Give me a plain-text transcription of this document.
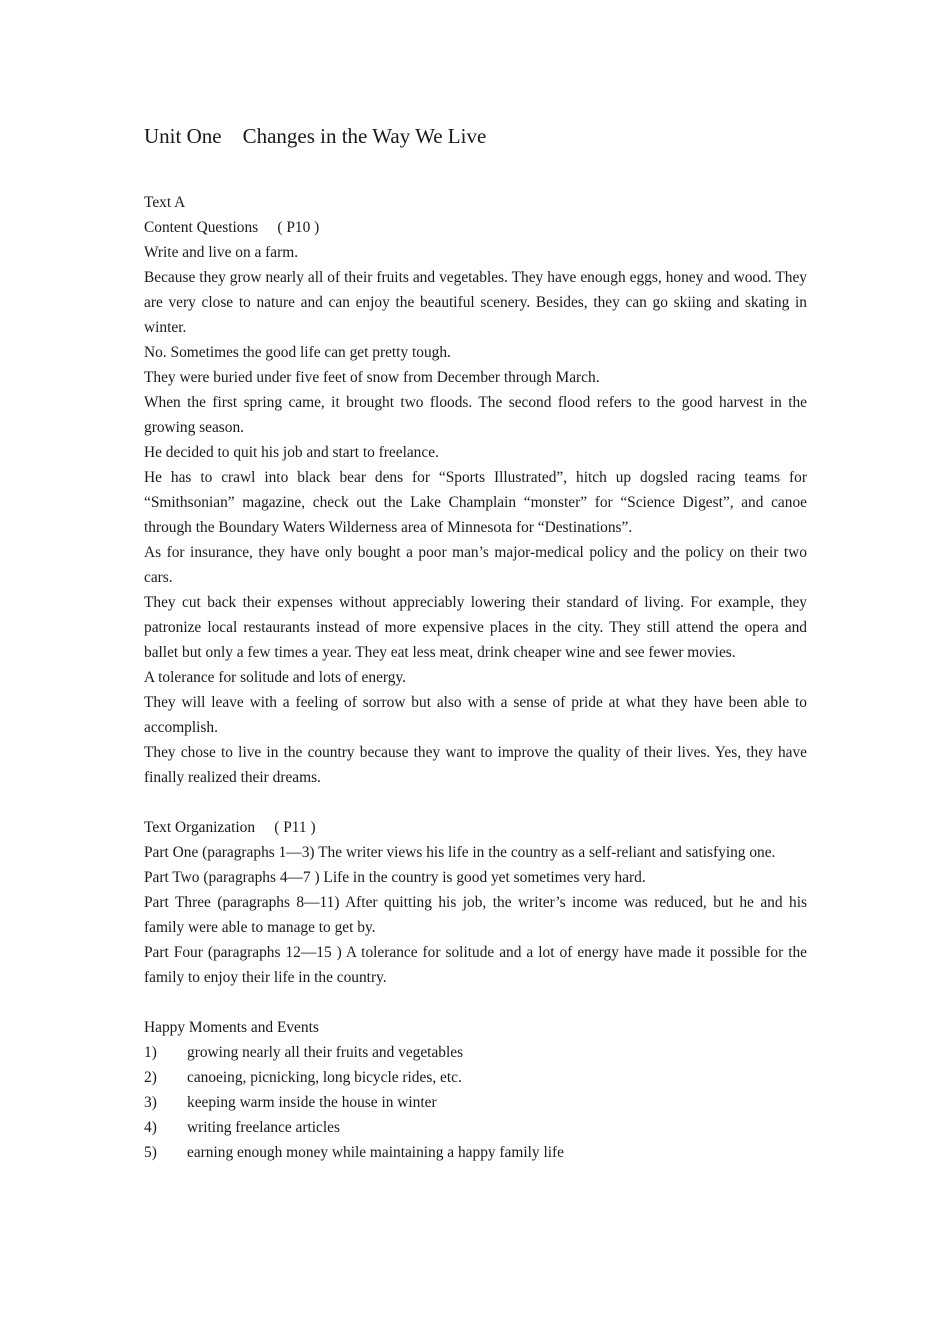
Unit One    Changes in the Way We Live
Text A
Content Questions     ( P10 )
Write and live on a farm.
Because they grow nearly all of their fruits and vegetables. They have enough eggs, honey and wood. They are very close to nature and can enjoy the beautiful scenery. Besides, they can go skiing and skating in winter.
No. Sometimes the good life can get pretty tough.
They were buried under five feet of snow from December through March.
When the first spring came, it brought two floods. The second flood refers to the good harvest in the growing season.
He decided to quit his job and start to freelance.
He has to crawl into black bear dens for “Sports Illustrated”, hitch up dogsled racing teams for “Smithsonian” magazine, check out the Lake Champlain “monster” for “Science Digest”, and canoe through the Boundary Waters Wilderness area of Minnesota for “Destinations”.
As for insurance, they have only bought a poor man’s major-medical policy and the policy on their two cars.
They cut back their expenses without appreciably lowering their standard of living. For example, they patronize local restaurants instead of more expensive places in the city. They still attend the opera and ballet but only a few times a year. They eat less meat, drink cheaper wine and see fewer movies.
A tolerance for solitude and lots of energy.
They will leave with a feeling of sorrow but also with a sense of pride at what they have been able to accomplish.
They chose to live in the country because they want to improve the quality of their lives. Yes, they have finally realized their dreams.
Text Organization     ( P11 )
Part One (paragraphs 1—3) The writer views his life in the country as a self-reliant and satisfying one.
Part Two (paragraphs 4—7 ) Life in the country is good yet sometimes very hard.
Part Three (paragraphs 8—11) After quitting his job, the writer’s income was reduced, but he and his family were able to manage to get by.
Part Four (paragraphs 12—15 ) A tolerance for solitude and a lot of energy have made it possible for the family to enjoy their life in the country.
Happy Moments and Events
1) growing nearly all their fruits and vegetables
2) canoeing, picnicking, long bicycle rides, etc.
3) keeping warm inside the house in winter
4) writing freelance articles
5) earning enough money while maintaining a happy family life
